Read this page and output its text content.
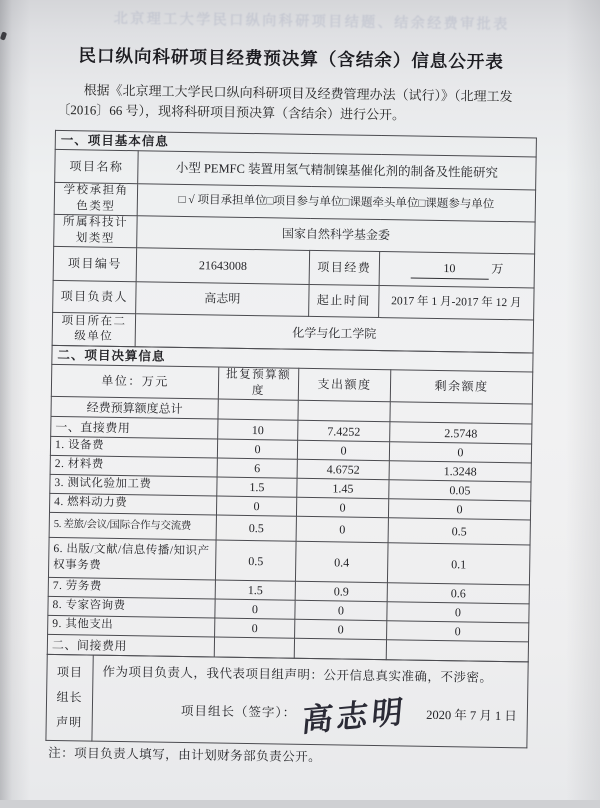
北京理工大学民口纵向科研项目结题、结余经费审批表
民口纵向科研项目经费预决算（含结余）信息公开表
根据《北京理工大学民口纵向科研项目及经费管理办法（试行）》（北理工发
〔2016〕66 号），现将科研项目预决算（含结余）进行公开。
一、项目基本信息			
项目名称	小型 PEMFC 装置用氢气精制镍基催化剂的制备及性能研究		
学校承担角色类型	□ √ 项目承担单位□项目参与单位□课题牵头单位□课题参与单位		
所属科技计划类型	国家自然科学基金委		
项目编号	21643008	项目经费	10 万
项目负责人	高志明	起止时间	2017 年 1 月-2017 年 12 月
项目所在二级单位	化学与化工学院		
二、项目决算信息			
单位：万元	批复预算额度	支出额度	剩余额度
经费预算额度总计			
一、直接费用	10	7.4252	2.5748
1. 设备费	0	0	0
2. 材料费	6	4.6752	1.3248
3. 测试化验加工费	1.5	1.45	0.05
4. 燃料动力费	0	0	0
5. 差旅/会议/国际合作与交流费	0.5	0	0.5
6. 出版/文献/信息传播/知识产权事务费	0.5	0.4	0.1
7. 劳务费	1.5	0.9	0.6
8. 专家咨询费	0	0	0
9. 其他支出	0	0	0
二、间接费用			
项目
组长
声明	
作为项目负责人，我代表项目组声明：公开信息真实准确，不涉密。
项目组长（签字）： 高志明 2020 年 7 月 1 日
注：项目负责人填写，由计划财务部负责公开。
